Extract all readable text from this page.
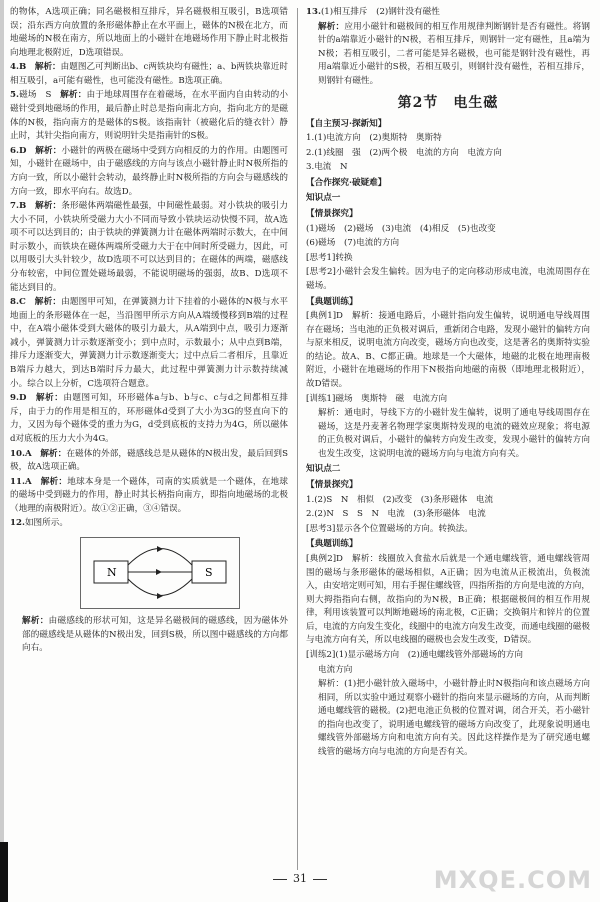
的物体，A选项正确；同名磁极相互排斥，异名磁极相互吸引，B选项错误；沿东西方向放置的条形磁体静止在水平面上，磁体的N极在北方，而地磁场的N极在南方，所以地面上的小磁针在地磁场作用下静止时北极指向地理北极附近，D选项错误。

4.B　 解析：由题图乙可判断出b、c两铁块均有磁性；a、b两铁块靠近时相互吸引，a可能有磁性，也可能没有磁性。B选项正确。

5.磁场　S　 解析：由于地球周围存在着磁场，在水平面内自由转动的小磁针受到地磁场的作用，最后静止时总是指向南北方向，指向北方的是磁体的N极，指向南方的是磁体的S极。该指南针（被磁化后的缝衣针）静止时，其针尖指向南方，则说明针尖是指南针的S极。

6.D　 解析：小磁针的两极在磁场中受到方向相反的力的作用。由题图可知，小磁针在磁场中，由于磁感线的方向与该点小磁针静止时N极所指的方向一致，所以小磁针会转动，最终静止时N极所指的方向会与磁感线的方向一致，即水平向右。故选D。

7.B　 解析：条形磁体两端磁性最强，中间磁性最弱。对小铁块的吸引力大小不同，小铁块所受磁力大小不同而导致小铁块运动快慢不同，故A选项不可以达到目的；由于铁块的弹簧测力计在磁体两端时示数大，在中间时示数小，而铁块在磁体两端所受磁力大于在中间时所受磁力，因此，可以用吸引大头针较少，故D选项不可以达到目的；在磁体的两端，磁感线分布较密，中间位置处磁场最弱，不能说明磁场的强弱，故B、D选项不能达到目的。

8.C　 解析：由题图甲可知，在弹簧测力计下挂着的小磁体的N极与水平地面上的条形磁体在一起，当沿图甲所示方向从A端缓慢移到B端的过程中，在A端小磁体受到大磁体的吸引力最大，从A端到中点，吸引力逐渐减小，弹簧测力计示数逐渐变小；到中点时，示数最小；从中点到B端，排斥力逐渐变大，弹簧测力计示数逐渐变大；过中点后二者相斥，且靠近B端斥力越大，到达B端时斥力最大，此过程中弹簧测力计示数持续减小。综合以上分析，C选项符合题意。

9.D　 解析：由题图可知，环形磁体a与b、b与c、c与d之间都相互排斥，由于力的作用是相互的，环形磁体d受到了大小为3G的竖直向下的力，又因为每个磁体受的重力为G，d受到底板的支持力为4G，所以磁体d对底板的压力大小为4G。

10.A　 解析：在磁体的外部，磁感线总是从磁体的N极出发，最后回到S极，故A选项正确。

11.A　 解析：地球本身是一个磁体，司南的实质就是一个磁体，在地球的磁场中受到磁力的作用，静止时其长柄指向南方，即指向地磁场的北极（地理的南极附近）。故①②正确，③④错误。

12.如图所示。

N	S

解析：由磁感线的形状可知，这是异名磁极间的磁感线，因为磁体外部的磁感线是从磁体的N极出发，回到S极，所以图中磁感线的方向都向右。

13.(1)相互排斥　(2)钢针没有磁性

解析：应用小磁针和磁极间的相互作用规律判断钢针是否有磁性。将钢针的a端靠近小磁针的N极，若相互排斥，则钢针一定有磁性，且a端为N极；若相互吸引，二者可能是异名磁极，也可能是钢针没有磁性，再用a端靠近小磁针的S极，若相互吸引，则钢针没有磁性，若相互排斥，则钢针有磁性。

第2节　电生磁
【自主预习·探新知】

1.(1)电流方向　(2)奥斯特　奥斯特

2.(1)线圈　强　(2)两个极　电流的方向　电流方向

3.电流　N

【合作探究·破疑难】
知识点一
【情景探究】

(1)磁场　(2)磁场　(3)电流　(4)相反　(5)也改变

(6)磁场　(7)电流的方向

[思考1]转换

[思考2]小磁针会发生偏转。因为电子的定向移动形成电流，电流周围存在磁场。

【典题训练】

[典例1]D　解析：接通电路后，小磁针指向发生偏转，说明通电导线周围存在磁场；当电池的正负极对调后，重新闭合电路，发现小磁针的偏转方向与原来相反，说明电流方向改变，磁场方向也改变，这是著名的奥斯特实验的结论。故A、B、C都正确。地球是一个大磁体，地磁的北极在地理南极附近，小磁针在地磁场的作用下N极指向地磁的南极（即地理北极附近），故D错误。

[训练1]磁场　奥斯特　磁　电流方向

解析：通电时，导线下方的小磁针发生偏转，说明了通电导线周围存在磁场，这是丹麦著名物理学家奥斯特发现的电流的磁效应现象；将电源的正负极对调后，小磁针的偏转方向发生改变，发现小磁针的偏转方向也发生改变，这说明电流的磁场方向与电流方向有关。

知识点二
【情景探究】

1.(2)S　N　相似　(2)改变　(3)条形磁体　电流

2.(2)N　S　S　N　电流　(3)条形磁体　电流

[思考3]显示各个位置磁场的方向。转换法。

【典题训练】

[典例2]D　解析：线圈放入食盐水后就是一个通电螺线管，通电螺线管周围的磁场与条形磁体的磁场相似，A正确；因为电流从正极流出，负极流入，由安培定则可知，用右手握住螺线管，四指所指的方向是电流的方向，则大拇指指向右侧，故指向的为N极，B正确；根据磁极间的相互作用规律，利用该装置可以判断地磁场的南北极，C正确；交换铜片和锌片的位置后，电流的方向发生变化，线圈中的电流方向发生改变，而通电线圈的磁极与电流方向有关，所以电线圈的磁极也会发生改变，D错误。

[训练2](1)显示磁场方向　(2)通电螺线管外部磁场的方向

电流方向

解析：(1)把小磁针放入磁场中，小磁针静止时N极指向和该点磁场方向相同，所以实验中通过观察小磁针的指向来显示磁场的方向，从而判断通电螺线管的磁极。(2)把电池正负极的位置对调，闭合开关，若小磁针的指向也改变了，说明通电螺线管的磁场方向改变了，此现象说明通电螺线管外部磁场方向和电流方向有关。因此这样操作是为了研究通电螺线管的磁场方向与电流的方向是否有关。

31	MXQE.COM
